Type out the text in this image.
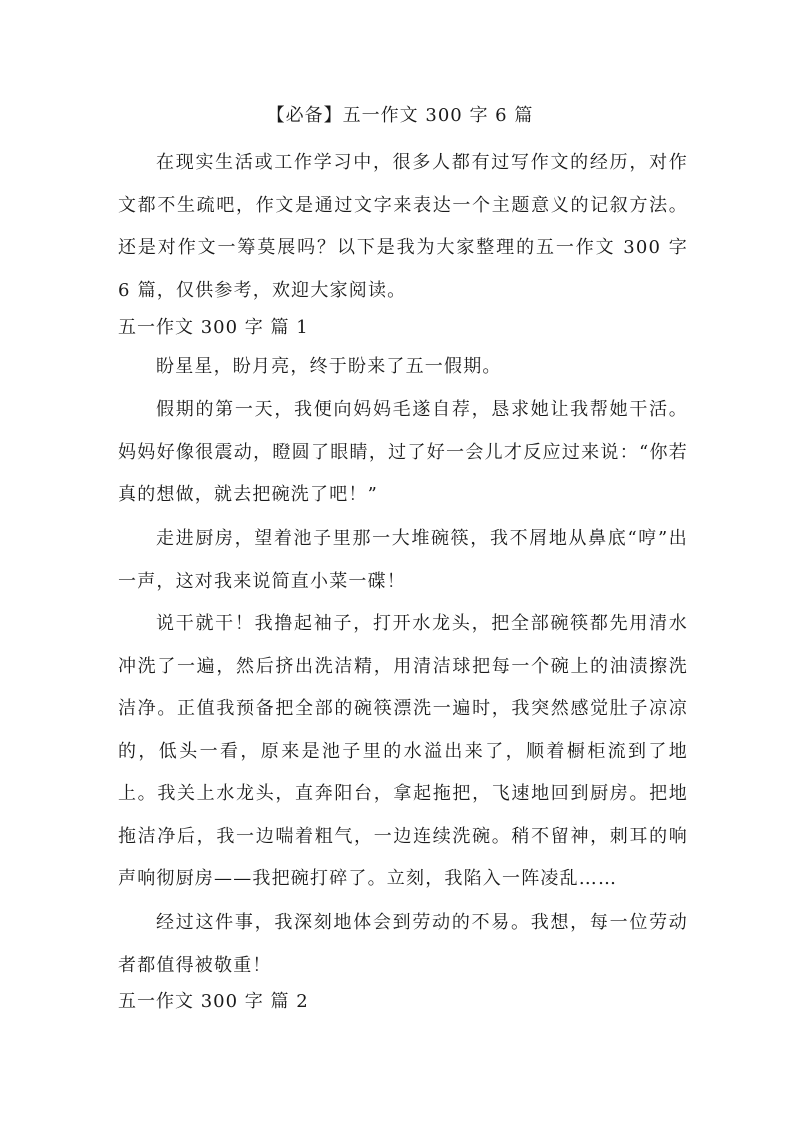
【必备】五一作文 300 字 6 篇
在现实生活或工作学习中，很多人都有过写作文的经历，对作文都不生疏吧，作文是通过文字来表达一个主题意义的记叙方法。还是对作文一筹莫展吗？以下是我为大家整理的五一作文 300 字 6 篇，仅供参考，欢迎大家阅读。
五一作文 300 字 篇 1
盼星星，盼月亮，终于盼来了五一假期。
假期的第一天，我便向妈妈毛遂自荐，恳求她让我帮她干活。妈妈好像很震动，瞪圆了眼睛，过了好一会儿才反应过来说：“你若真的想做，就去把碗洗了吧！”
走进厨房，望着池子里那一大堆碗筷，我不屑地从鼻底“哼”出一声，这对我来说简直小菜一碟！
说干就干！我撸起袖子，打开水龙头，把全部碗筷都先用清水冲洗了一遍，然后挤出洗洁精，用清洁球把每一个碗上的油渍擦洗洁净。正值我预备把全部的碗筷漂洗一遍时，我突然感觉肚子凉凉的，低头一看，原来是池子里的水溢出来了，顺着橱柜流到了地上。我关上水龙头，直奔阳台，拿起拖把，飞速地回到厨房。把地拖洁净后，我一边喘着粗气，一边连续洗碗。稍不留神，刺耳的响声响彻厨房——我把碗打碎了。立刻，我陷入一阵凌乱……
经过这件事，我深刻地体会到劳动的不易。我想，每一位劳动者都值得被敬重！
五一作文 300 字 篇 2
